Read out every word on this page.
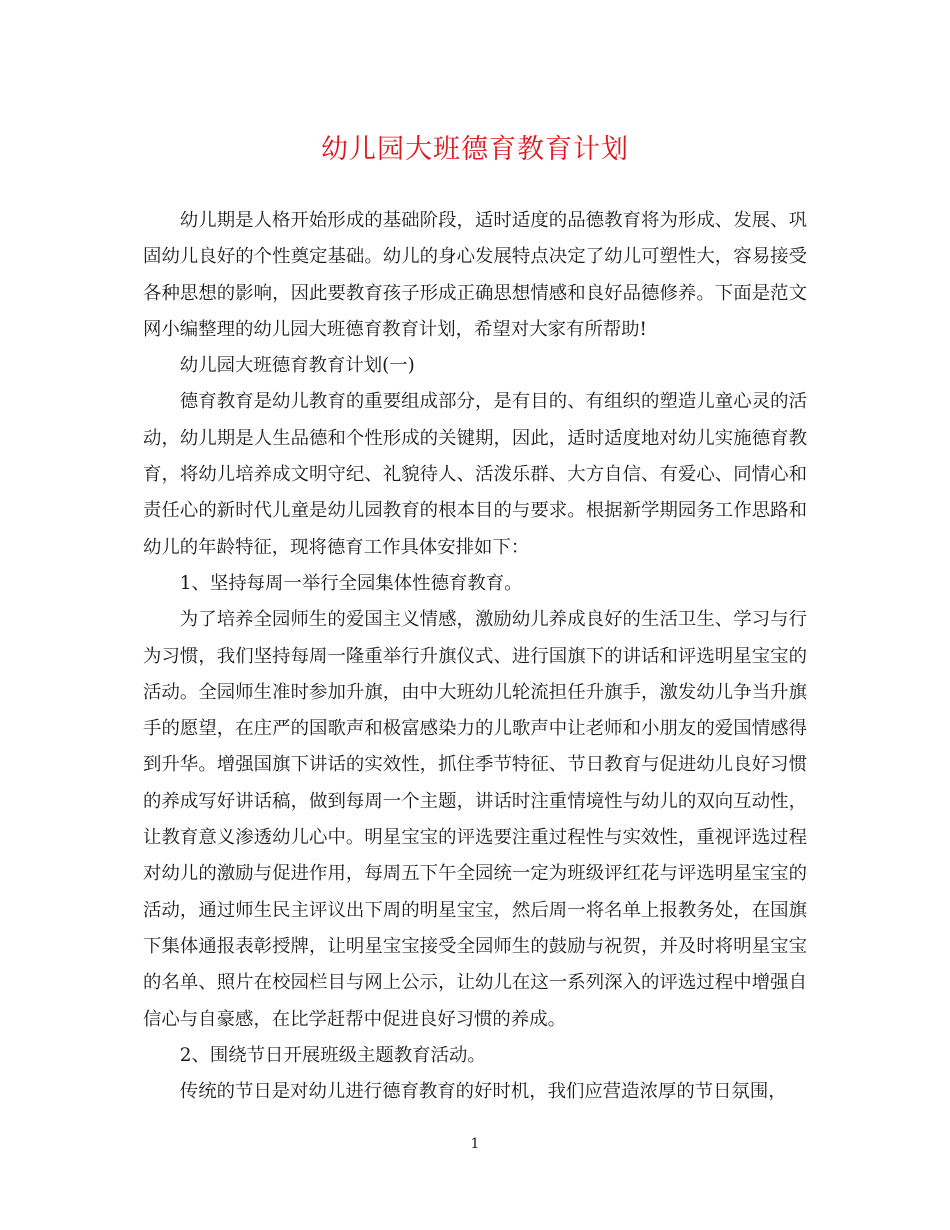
幼儿园大班德育教育计划

幼儿期是人格开始形成的基础阶段，适时适度的品德教育将为形成、发展、巩固幼儿良好的个性奠定基础。幼儿的身心发展特点决定了幼儿可塑性大，容易接受各种思想的影响，因此要教育孩子形成正确思想情感和良好品德修养。下面是范文网小编整理的幼儿园大班德育教育计划，希望对大家有所帮助!

幼儿园大班德育教育计划(一)

德育教育是幼儿教育的重要组成部分，是有目的、有组织的塑造儿童心灵的活动，幼儿期是人生品德和个性形成的关键期，因此，适时适度地对幼儿实施德育教育，将幼儿培养成文明守纪、礼貌待人、活泼乐群、大方自信、有爱心、同情心和责任心的新时代儿童是幼儿园教育的根本目的与要求。根据新学期园务工作思路和幼儿的年龄特征，现将德育工作具体安排如下：

1、坚持每周一举行全园集体性德育教育。

为了培养全园师生的爱国主义情感，激励幼儿养成良好的生活卫生、学习与行为习惯，我们坚持每周一隆重举行升旗仪式、进行国旗下的讲话和评选明星宝宝的活动。全园师生准时参加升旗，由中大班幼儿轮流担任升旗手，激发幼儿争当升旗手的愿望，在庄严的国歌声和极富感染力的儿歌声中让老师和小朋友的爱国情感得到升华。增强国旗下讲话的实效性，抓住季节特征、节日教育与促进幼儿良好习惯的养成写好讲话稿，做到每周一个主题，讲话时注重情境性与幼儿的双向互动性，让教育意义渗透幼儿心中。明星宝宝的评选要注重过程性与实效性，重视评选过程对幼儿的激励与促进作用，每周五下午全园统一定为班级评红花与评选明星宝宝的活动，通过师生民主评议出下周的明星宝宝，然后周一将名单上报教务处，在国旗下集体通报表彰授牌，让明星宝宝接受全园师生的鼓励与祝贺，并及时将明星宝宝的名单、照片在校园栏目与网上公示，让幼儿在这一系列深入的评选过程中增强自信心与自豪感，在比学赶帮中促进良好习惯的养成。

2、围绕节日开展班级主题教育活动。

传统的节日是对幼儿进行德育教育的好时机，我们应营造浓厚的节日氛围，

1
